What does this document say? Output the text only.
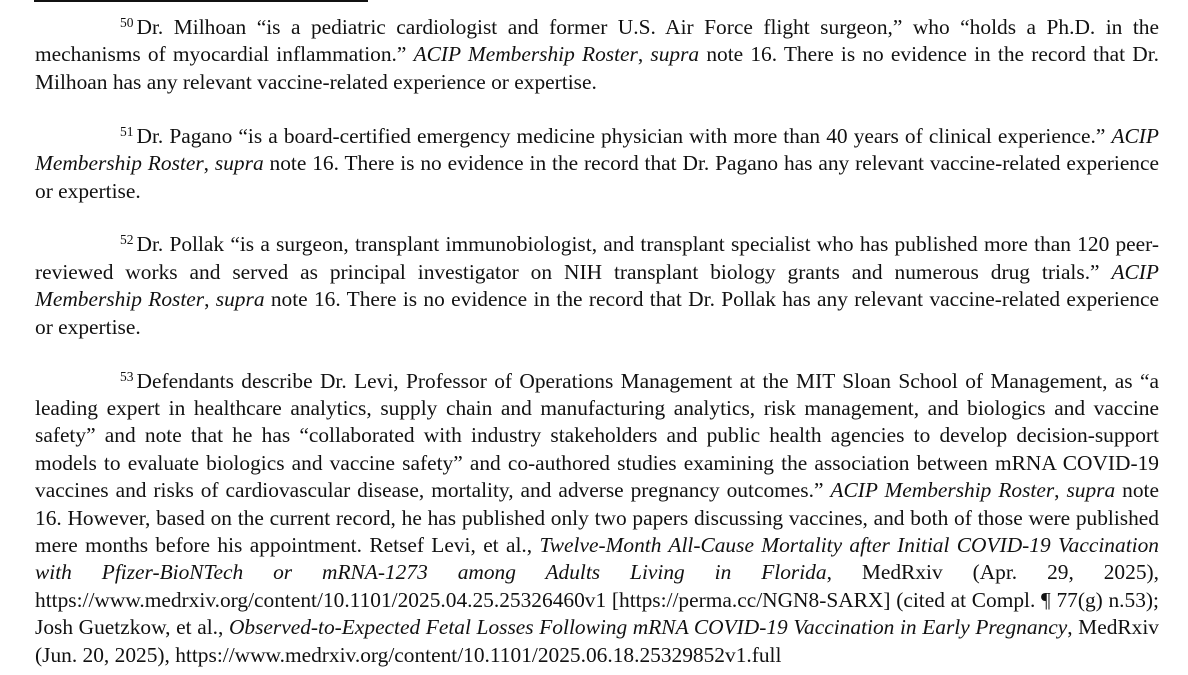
$^{50}$ Dr. Milhoan “is a pediatric cardiologist and former U.S. Air Force flight surgeon,” who “holds a Ph.D. in the mechanisms of myocardial inflammation.” ACIP Membership Roster, supra note 16. There is no evidence in the record that Dr. Milhoan has any relevant vaccine-related experience or expertise.

$^{51}$ Dr. Pagano “is a board-certified emergency medicine physician with more than 40 years of clinical experience.” ACIP Membership Roster, supra note 16. There is no evidence in the record that Dr. Pagano has any relevant vaccine-related experience or expertise.

$^{52}$ Dr. Pollak “is a surgeon, transplant immunobiologist, and transplant specialist who has published more than 120 peer-reviewed works and served as principal investigator on NIH transplant biology grants and numerous drug trials.” ACIP Membership Roster, supra note 16. There is no evidence in the record that Dr. Pollak has any relevant vaccine-related experience or expertise.

$^{53}$ Defendants describe Dr. Levi, Professor of Operations Management at the MIT Sloan School of Management, as “a leading expert in healthcare analytics, supply chain and manufacturing analytics, risk management, and biologics and vaccine safety” and note that he has “collaborated with industry stakeholders and public health agencies to develop decision-support models to evaluate biologics and vaccine safety” and co-authored studies examining the association between mRNA COVID-19 vaccines and risks of cardiovascular disease, mortality, and adverse pregnancy outcomes.” ACIP Membership Roster, supra note 16. However, based on the current record, he has published only two papers discussing vaccines, and both of those were published mere months before his appointment. Retsef Levi, et al., Twelve-Month All-Cause Mortality after Initial COVID-19 Vaccination with Pfizer-BioNTech or mRNA-1273 among Adults Living in Florida, MedRxiv (Apr. 29, 2025), https://www.medrxiv.org/content/10.1101/2025.04.25.25326460v1 [https://perma.cc/NGN8-SARX] (cited at Compl. ¶ 77(g) n.53); Josh Guetzkow, et al., Observed-to-Expected Fetal Losses Following mRNA COVID-19 Vaccination in Early Pregnancy, MedRxiv (Jun. 20, 2025), https://www.medrxiv.org/content/10.1101/2025.06.18.25329852v1.full
